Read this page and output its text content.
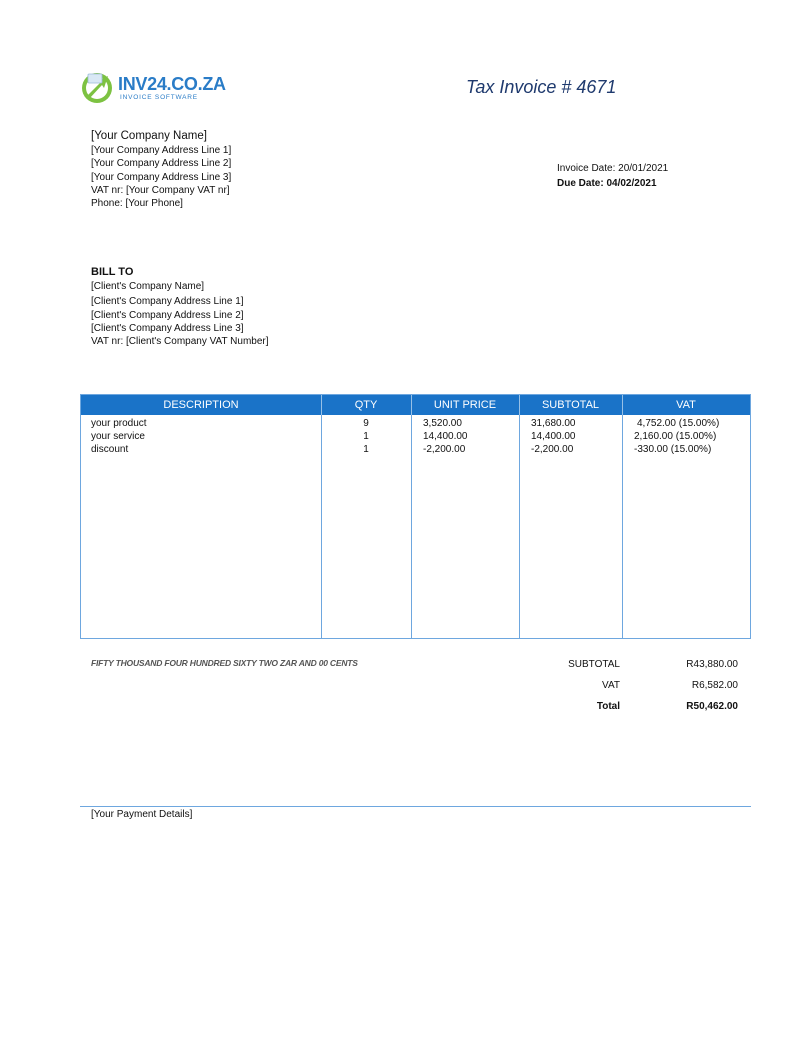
INV24.CO.ZA
INVOICE SOFTWARE
Tax Invoice # 4671
[Your Company Name]
[Your Company Address Line 1]
[Your Company Address Line 2]
[Your Company Address Line 3]
VAT nr: [Your Company VAT nr]
Phone: [Your Phone]
Invoice Date: 20/01/2021
Due Date: 04/02/2021
BILL TO
[Client's Company Name]
[Client's Company Address Line 1]
[Client's Company Address Line 2]
[Client's Company Address Line 3]
VAT nr: [Client's Company VAT Number]
DESCRIPTION	QTY	UNIT PRICE	SUBTOTAL	VAT
your product	9	3,520.00	31,680.00	4,752.00 (15.00%)
your service	1	14,400.00	14,400.00	2,160.00 (15.00%)
discount	1	-2,200.00	-2,200.00	-330.00 (15.00%)
FIFTY THOUSAND FOUR HUNDRED SIXTY TWO ZAR AND 00 CENTS	SUBTOTAL	R43,880.00
VAT	R6,582.00
Total	R50,462.00
[Your Payment Details]
